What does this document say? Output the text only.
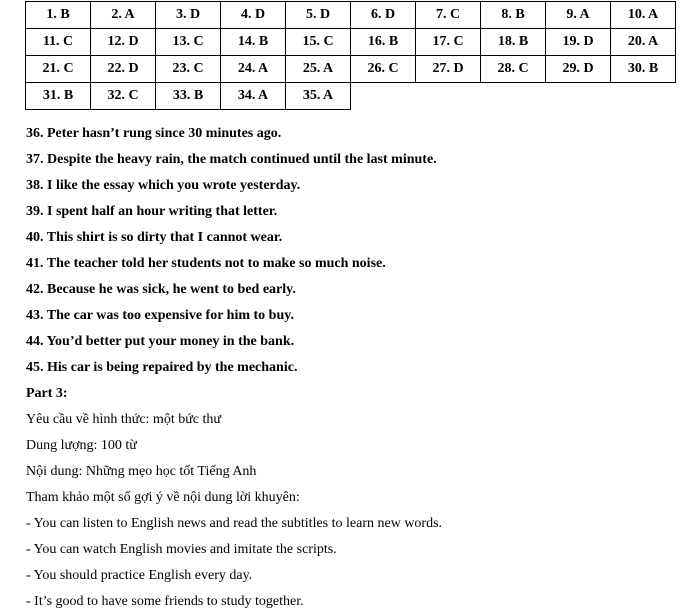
1. B	2. A	3. D	4. D	5. D	6. D	7. C	8. B	9. A	10. A
11. C	12. D	13. C	14. B	15. C	16. B	17. C	18. B	19. D	20. A
21. C	22. D	23. C	24. A	25. A	26. C	27. D	28. C	29. D	30. B
31. B	32. C	33. B	34. A	35. A					
36. Peter hasn’t rung since 30 minutes ago.
37. Despite the heavy rain, the match continued until the last minute.
38. I like the essay which you wrote yesterday.
39. I spent half an hour writing that letter.
40. This shirt is so dirty that I cannot wear.
41. The teacher told her students not to make so much noise.
42. Because he was sick, he went to bed early.
43. The car was too expensive for him to buy.
44. You’d better put your money in the bank.
45. His car is being repaired by the mechanic.
Part 3:
Yêu cầu về hình thức: một bức thư
Dung lượng: 100 từ
Nội dung: Những mẹo học tốt Tiếng Anh
Tham khảo một số gợi ý về nội dung lời khuyên:
- You can listen to English news and read the subtitles to learn new words.
- You can watch English movies and imitate the scripts.
- You should practice English every day.
- It’s good to have some friends to study together.
